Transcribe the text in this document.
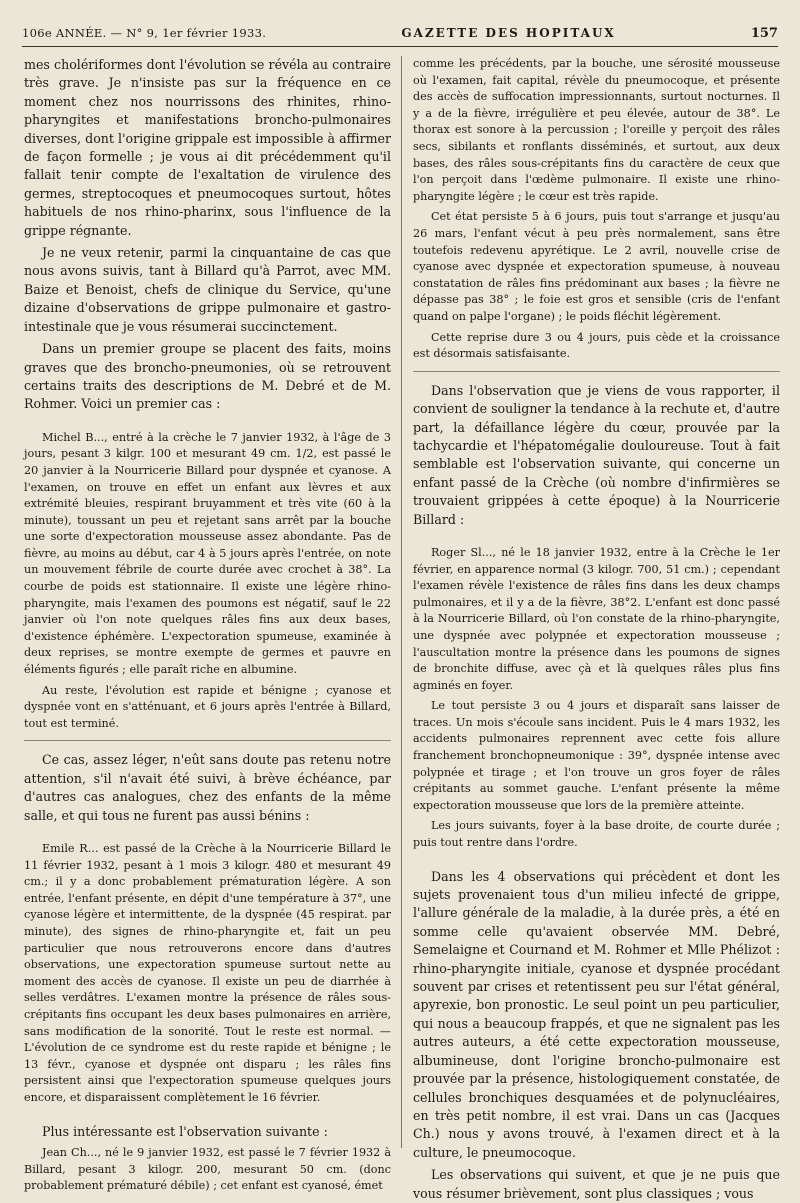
106e ANNÉE. — N° 9, 1er février 1933.	GAZETTE DES HOPITAUX	157

mes cholériformes dont l'évolution se révéla au contraire très grave. Je n'insiste pas sur la fréquence en ce moment chez nos nourrissons des rhinites, rhino-pharyngites et manifestations broncho-pulmonaires diverses, dont l'origine grippale est impossible à affirmer de façon formelle ; je vous ai dit précédemment qu'il fallait tenir compte de l'exaltation de virulence des germes, streptocoques et pneumocoques surtout, hôtes habituels de nos rhino-pharinx, sous l'influence de la grippe régnante.

Je ne veux retenir, parmi la cinquantaine de cas que nous avons suivis, tant à Billard qu'à Parrot, avec MM. Baize et Benoist, chefs de clinique du Service, qu'une dizaine d'observations de grippe pulmonaire et gastro-intestinale que je vous résumerai succinctement.

Dans un premier groupe se placent des faits, moins graves que des broncho-pneumonies, où se retrouvent certains traits des descriptions de M. Debré et de M. Rohmer. Voici un premier cas :

Michel B..., entré à la crèche le 7 janvier 1932, à l'âge de 3 jours, pesant 3 kilgr. 100 et mesurant 49 cm. 1/2, est passé le 20 janvier à la Nourricerie Billard pour dyspnée et cyanose. A l'examen, on trouve en effet un enfant aux lèvres et aux extrémité bleuies, respirant bruyamment et très vite (60 à la minute), toussant un peu et rejetant sans arrêt par la bouche une sorte d'expectoration mousseuse assez abondante. Pas de fièvre, au moins au début, car 4 à 5 jours après l'entrée, on note un mouvement fébrile de courte durée avec crochet à 38°. La courbe de poids est stationnaire. Il existe une légère rhino-pharyngite, mais l'examen des poumons est négatif, sauf le 22 janvier où l'on note quelques râles fins aux deux bases, d'existence éphémère. L'expectoration spumeuse, examinée à deux reprises, se montre exempte de germes et pauvre en éléments figurés ; elle paraît riche en albumine.

Au reste, l'évolution est rapide et bénigne ; cyanose et dyspnée vont en s'atténuant, et 6 jours après l'entrée à Billard, tout est terminé.

Ce cas, assez léger, n'eût sans doute pas retenu notre attention, s'il n'avait été suivi, à brève échéance, par d'autres cas analogues, chez des enfants de la même salle, et qui tous ne furent pas aussi bénins :

Emile R... est passé de la Crèche à la Nourricerie Billard le 11 février 1932, pesant à 1 mois 3 kilogr. 480 et mesurant 49 cm.; il y a donc probablement prématuration légère. A son entrée, l'enfant présente, en dépit d'une température à 37°, une cyanose légère et intermittente, de la dyspnée (45 respirat. par minute), des signes de rhino-pharyngite et, fait un peu particulier que nous retrouverons encore dans d'autres observations, une expectoration spumeuse surtout nette au moment des accès de cyanose. Il existe un peu de diarrhée à selles verdâtres. L'examen montre la présence de râles sous-crépitants fins occupant les deux bases pulmonaires en arrière, sans modification de la sonorité. Tout le reste est normal. — L'évolution de ce syndrome est du reste rapide et bénigne ; le 13 févr., cyanose et dyspnée ont disparu ; les râles fins persistent ainsi que l'expectoration spumeuse quelques jours encore, et disparaissent complètement le 16 février.

Plus intéressante est l'observation suivante :

Jean Ch..., né le 9 janvier 1932, est passé le 7 février 1932 à Billard, pesant 3 kilogr. 200, mesurant 50 cm. (donc probablement prématuré débile) ; cet enfant est cyanosé, émet

comme les précédents, par la bouche, une sérosité mousseuse où l'examen, fait capital, révèle du pneumocoque, et présente des accès de suffocation impressionnants, surtout nocturnes. Il y a de la fièvre, irrégulière et peu élevée, autour de 38°. Le thorax est sonore à la percussion ; l'oreille y perçoit des râles secs, sibilants et ronflants disséminés, et surtout, aux deux bases, des râles sous-crépitants fins du caractère de ceux que l'on perçoit dans l'œdème pulmonaire. Il existe une rhino-pharyngite légère ; le cœur est très rapide.

Cet état persiste 5 à 6 jours, puis tout s'arrange et jusqu'au 26 mars, l'enfant vécut à peu près normalement, sans être toutefois redevenu apyrétique. Le 2 avril, nouvelle crise de cyanose avec dyspnée et expectoration spumeuse, à nouveau constatation de râles fins prédominant aux bases ; la fièvre ne dépasse pas 38° ; le foie est gros et sensible (cris de l'enfant quand on palpe l'organe) ; le poids fléchit légèrement.

Cette reprise dure 3 ou 4 jours, puis cède et la croissance est désormais satisfaisante.

Dans l'observation que je viens de vous rapporter, il convient de souligner la tendance à la rechute et, d'autre part, la défaillance légère du cœur, prouvée par la tachycardie et l'hépatomégalie douloureuse. Tout à fait semblable est l'observation suivante, qui concerne un enfant passé de la Crèche (où nombre d'infirmières se trouvaient grippées à cette époque) à la Nourricerie Billard :

Roger Sl..., né le 18 janvier 1932, entre à la Crèche le 1er février, en apparence normal (3 kilogr. 700, 51 cm.) ; cependant l'examen révèle l'existence de râles fins dans les deux champs pulmonaires, et il y a de la fièvre, 38°2. L'enfant est donc passé à la Nourricerie Billard, où l'on constate de la rhino-pharyngite, une dyspnée avec polypnée et expectoration mousseuse ; l'auscultation montre la présence dans les poumons de signes de bronchite diffuse, avec çà et là quelques râles plus fins agminés en foyer.

Le tout persiste 3 ou 4 jours et disparaît sans laisser de traces. Un mois s'écoule sans incident. Puis le 4 mars 1932, les accidents pulmonaires reprennent avec cette fois allure franchement bronchopneumonique : 39°, dyspnée intense avec polypnée et tirage ; et l'on trouve un gros foyer de râles crépitants au sommet gauche. L'enfant présente la même expectoration mousseuse que lors de la première atteinte.

Les jours suivants, foyer à la base droite, de courte durée ; puis tout rentre dans l'ordre.

Dans les 4 observations qui précèdent et dont les sujets provenaient tous d'un milieu infecté de grippe, l'allure générale de la maladie, à la durée près, a été en somme celle qu'avaient observée MM. Debré, Semelaigne et Cournand et M. Rohmer et Mlle Phélizot : rhino-pharyngite initiale, cyanose et dyspnée procédant souvent par crises et retentissent peu sur l'état général, apyrexie, bon pronostic. Le seul point un peu particulier, qui nous a beaucoup frappés, et que ne signalent pas les autres auteurs, a été cette expectoration mousseuse, albumineuse, dont l'origine broncho-pulmonaire est prouvée par la présence, histologiquement constatée, de cellules bronchiques desquamées et de polynucléaires, en très petit nombre, il est vrai. Dans un cas (Jacques Ch.) nous y avons trouvé, à l'examen direct et à la culture, le pneumocoque.

Les observations qui suivent, et que je ne puis que vous résumer brièvement, sont plus classiques ; vous
